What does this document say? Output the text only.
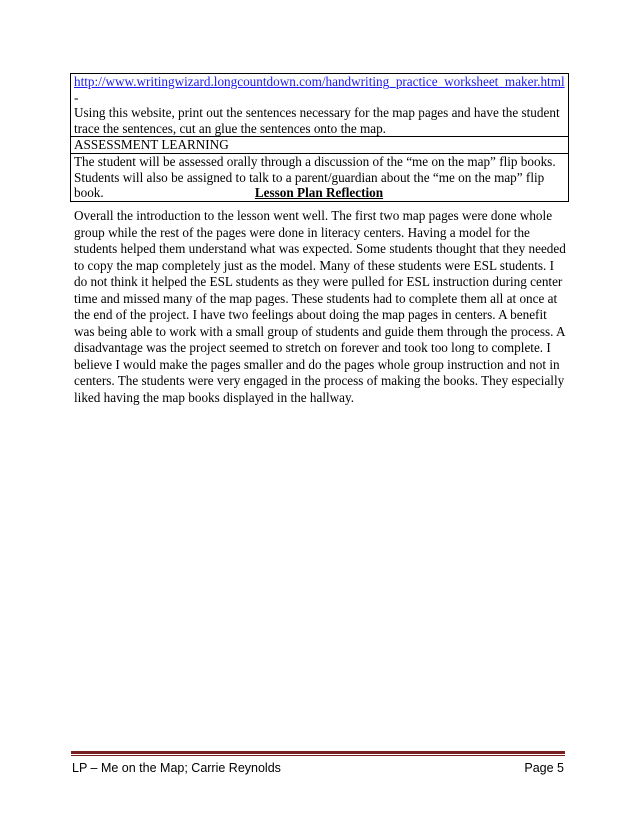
http://www.writingwizard.longcountdown.com/handwriting_practice_worksheet_maker.html -
Using this website, print out the sentences necessary for the map pages and have the student trace the sentences, cut an glue the sentences onto the map.
ASSESSMENT LEARNING
The student will be assessed orally through a discussion of the “me on the map” flip books. Students will also be assigned to talk to a parent/guardian about the “me on the map” flip book.	Lesson Plan Reflection
Overall the introduction to the lesson went well. The first two map pages were done whole group while the rest of the pages were done in literacy centers. Having a model for the students helped them understand what was expected. Some students thought that they needed to copy the map completely just as the model. Many of these students were ESL students. I do not think it helped the ESL students as they were pulled for ESL instruction during center time and missed many of the map pages. These students had to complete them all at once at the end of the project. I have two feelings about doing the map pages in centers. A benefit was being able to work with a small group of students and guide them through the process. A disadvantage was the project seemed to stretch on forever and took too long to complete. I believe I would make the pages smaller and do the pages whole group instruction and not in centers. The students were very engaged in the process of making the books. They especially liked having the map books displayed in the hallway.
LP – Me on the Map; Carrie Reynolds	Page 5
